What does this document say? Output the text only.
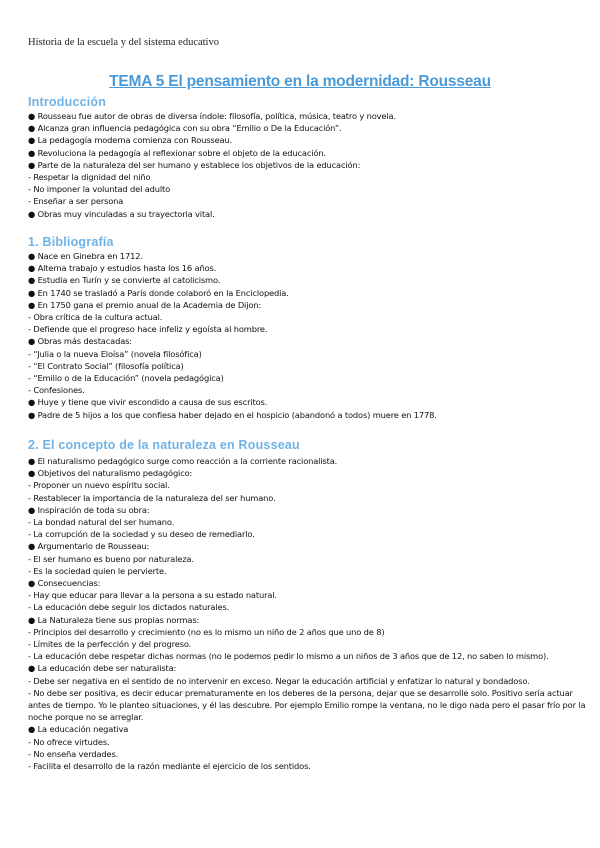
Historia de la escuela y del sistema educativo
TEMA 5 El pensamiento en la modernidad: Rousseau
Introducción
● Rousseau fue autor de obras de diversa índole: filosofía, política, música, teatro y novela.
● Alcanza gran influencia pedagógica con su obra “Emilio o De la Educación”.
● La pedagogía moderna comienza con Rousseau.
● Revoluciona la pedagogía al reflexionar sobre el objeto de la educación.
● Parte de la naturaleza del ser humano y establece los objetivos de la educación:
- Respetar la dignidad del niño
- No imponer la voluntad del adulto
- Enseñar a ser persona
● Obras muy vinculadas a su trayectoria vital.
1. Bibliografía
● Nace en Ginebra en 1712.
● Alterna trabajo y estudios hasta los 16 años.
● Estudia en Turín y se convierte al catolicismo.
● En 1740 se trasladó a París donde colaboró en la Enciclopedia.
● En 1750 gana el premio anual de la Academia de Dijon:
- Obra crítica de la cultura actual.
- Defiende que el progreso hace infeliz y egoísta al hombre.
● Obras más destacadas:
- “Julia o la nueva Eloísa” (novela filosófica)
- “El Contrato Social” (filosofía política)
- “Emilio o de la Educación” (novela pedagógica)
- Confesiones.
● Huye y tiene que vivir escondido a causa de sus escritos.
● Padre de 5 hijos a los que confiesa haber dejado en el hospicio (abandonó a todos) muere en 1778.
2. El concepto de la naturaleza en Rousseau
● El naturalismo pedagógico surge como reacción a la corriente racionalista.
● Objetivos del naturalismo pedagógico:
- Proponer un nuevo espíritu social.
- Restablecer la importancia de la naturaleza del ser humano.
● Inspiración de toda su obra:
- La bondad natural del ser humano.
- La corrupción de la sociedad y su deseo de remediarlo.
● Argumentario de Rousseau:
- El ser humano es bueno por naturaleza.
- Es la sociedad quien le pervierte.
● Consecuencias:
- Hay que educar para llevar a la persona a su estado natural.
- La educación debe seguir los dictados naturales.
● La Naturaleza tiene sus propias normas:
- Principios del desarrollo y crecimiento (no es lo mismo un niño de 2 años que uno de 8)
- Límites de la perfección y del progreso.
- La educación debe respetar dichas normas (no le podemos pedir lo mismo a un niños de 3 años que de 12, no saben lo mismo).
● La educación debe ser naturalista:
- Debe ser negativa en el sentido de no intervenir en exceso. Negar la educación artificial y enfatizar lo natural y bondadoso.
- No debe ser positiva, es decir educar prematuramente en los deberes de la persona, dejar que se desarrolle solo. Positivo sería actuar antes de tiempo. Yo le planteo situaciones, y él las descubre. Por ejemplo Emilio rompe la ventana, no le digo nada pero el pasar frío por la noche porque no se arreglar.
● La educación negativa
- No ofrece virtudes.
- No enseña verdades.
- Facilita el desarrollo de la razón mediante el ejercicio de los sentidos.
